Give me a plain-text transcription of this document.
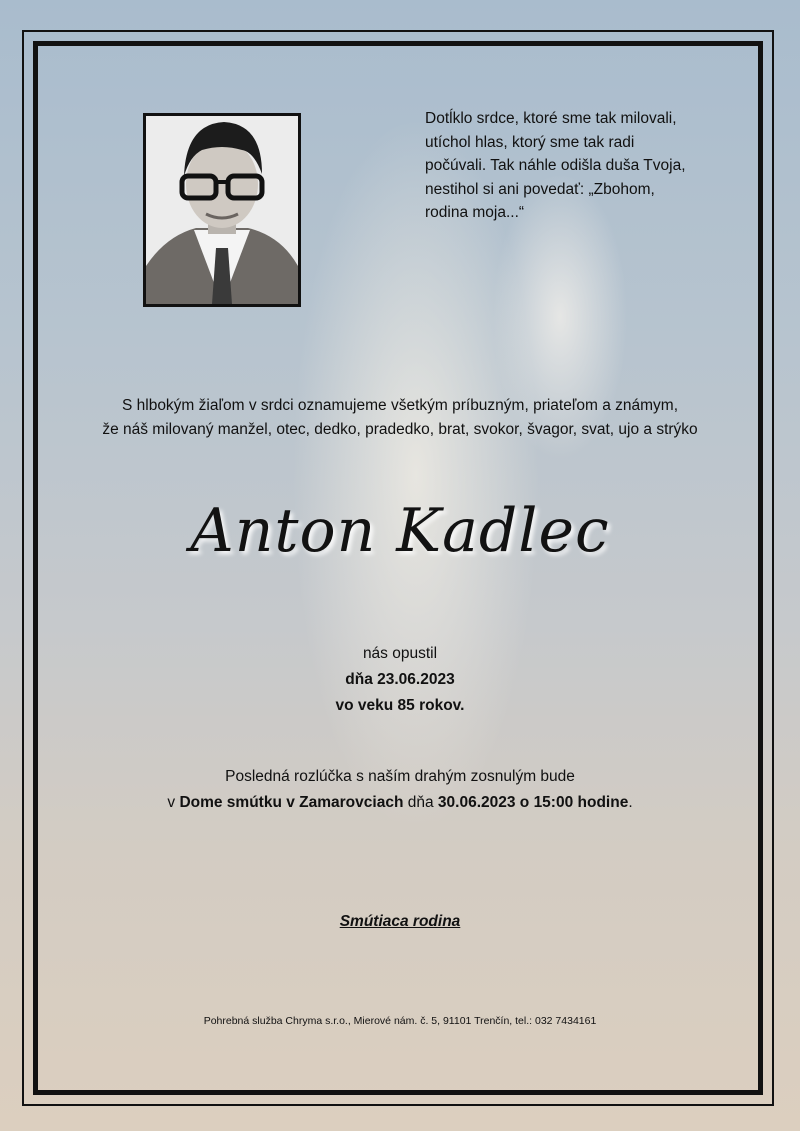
Dotĺklo srdce, ktoré sme tak milovali,
utíchol hlas, ktorý sme tak radi
počúvali. Tak náhle odišla duša Tvoja,
nestihol si ani povedať: „Zbohom,
rodina moja...“
S hlbokým žiaľom v srdci oznamujeme všetkým príbuzným, priateľom a známym,
že náš milovaný manžel, otec, dedko, pradedko, brat, svokor, švagor, svat, ujo a strýko
Anton Kadlec
nás opustil
dňa 23.06.2023
vo veku 85 rokov.
Posledná rozlúčka s naším drahým zosnulým bude
v Dome smútku v Zamarovciach dňa 30.06.2023 o 15:00 hodine.
Smútiaca rodina
Pohrebná služba Chryma s.r.o., Mierové nám. č. 5, 91101 Trenčín, tel.: 032 7434161
